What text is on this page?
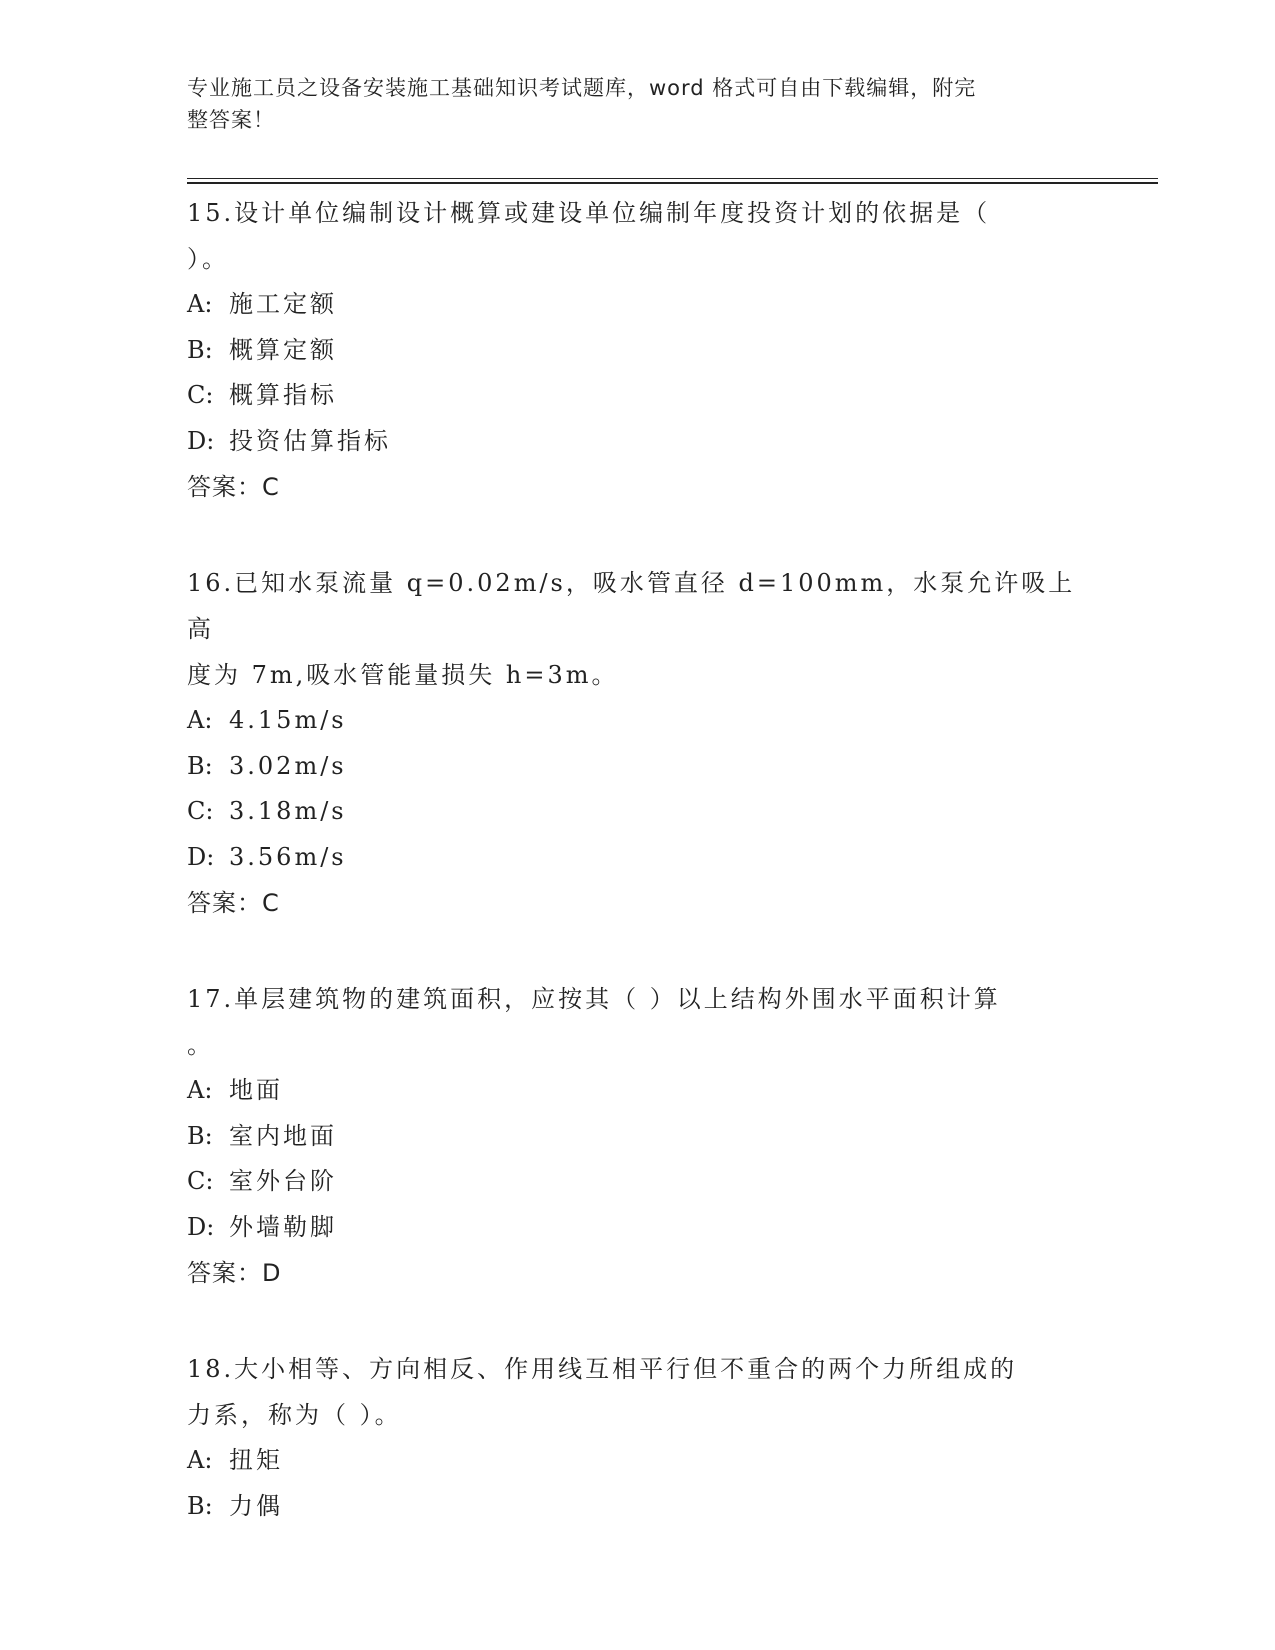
专业施工员之设备安装施工基础知识考试题库，word 格式可自由下载编辑，附完
整答案！
15.设计单位编制设计概算或建设单位编制年度投资计划的依据是（
）。
A: 施工定额
B: 概算定额
C: 概算指标
D: 投资估算指标
答案：C
16.已知水泵流量 q=0.02m/s，吸水管直径 d=100mm，水泵允许吸上高
度为 7m,吸水管能量损失 h=3m。
A: 4.15m/s
B: 3.02m/s
C: 3.18m/s
D: 3.56m/s
答案：C
17.单层建筑物的建筑面积，应按其（ ）以上结构外围水平面积计算
。
A: 地面
B: 室内地面
C: 室外台阶
D: 外墙勒脚
答案：D
18.大小相等、方向相反、作用线互相平行但不重合的两个力所组成的
力系，称为（ ）。
A: 扭矩
B: 力偶
